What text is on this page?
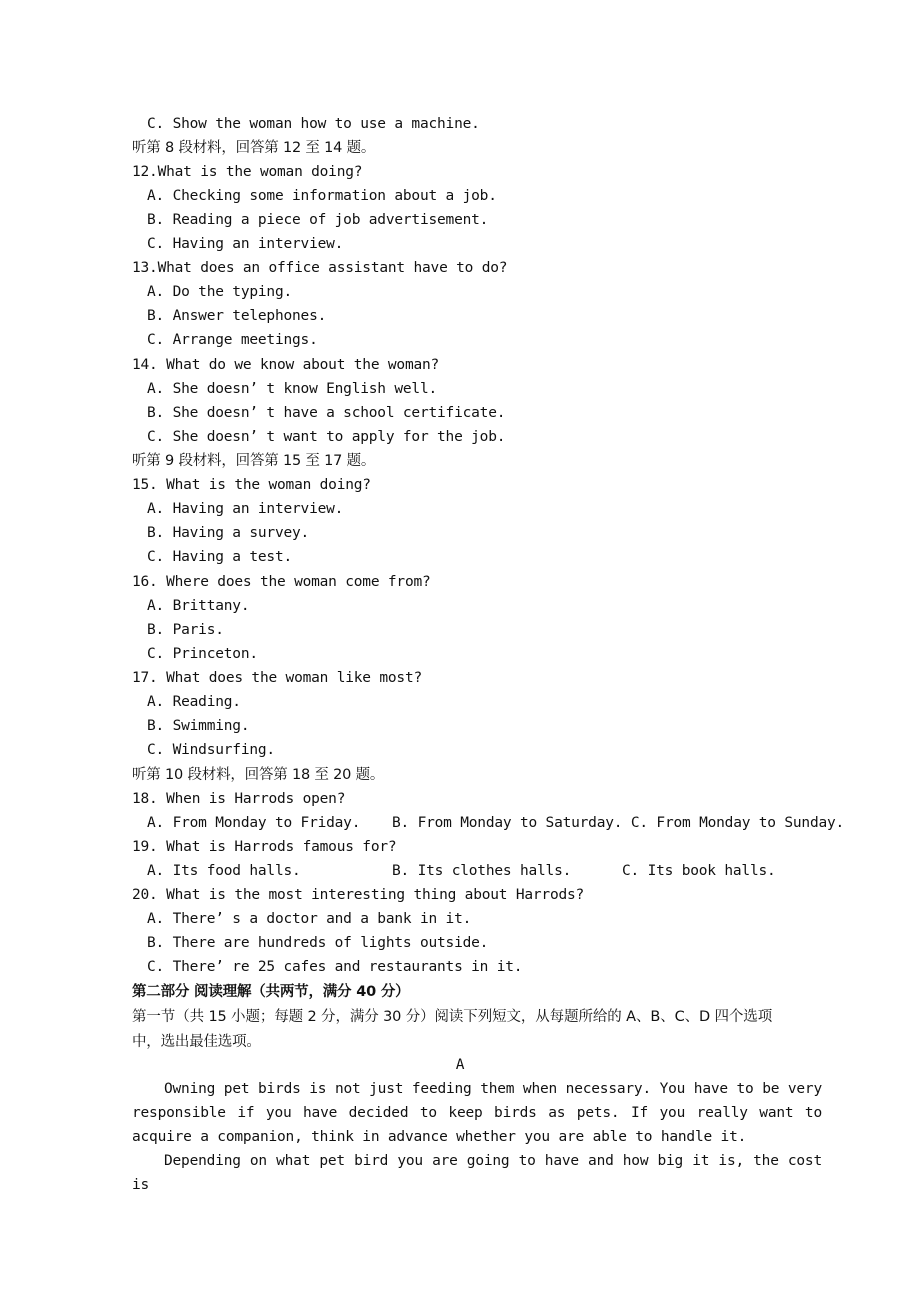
C. Show the woman how to use a machine.
听第 8 段材料，回答第 12 至 14 题。
12.What is the woman doing?
A. Checking some information about a job.
B. Reading a piece of job advertisement.
C. Having an interview.
13.What does an office assistant have to do?
A. Do the typing.
B. Answer telephones.
C. Arrange meetings.
14. What do we know about the woman?
A. She doesn’ t know English well.
B. She doesn’ t have a school certificate.
C. She doesn’ t want to apply for the job.
听第 9 段材料，回答第 15 至 17 题。
15. What is the woman doing?
A. Having an interview.
B. Having a survey.
C. Having a test.
16. Where does the woman come from?
A. Brittany.
B. Paris.
C. Princeton.
17. What does the woman like most?
A. Reading.
B. Swimming.
C. Windsurfing.
听第 10 段材料，回答第 18 至 20 题。
18. When is Harrods open?
A. From Monday to Friday. B. From Monday to Saturday. C. From Monday to Sunday.
19. What is Harrods famous for?
A. Its food halls.	B. Its clothes halls.	C. Its book halls.
20. What is the most interesting thing about Harrods?
A. There’ s a doctor and a bank in it.
B. There are hundreds of lights outside.
C. There’ re 25 cafes and restaurants in it.
第二部分 阅读理解（共两节，满分 40 分）
第一节（共 15 小题；每题 2 分，满分 30 分）阅读下列短文，从每题所给的 A、B、C、D 四个选项中，选出最佳选项。
A
Owning pet birds is not just feeding them when necessary. You have to be very responsible if you have decided to keep birds as pets. If you really want to acquire a companion, think in advance whether you are able to handle it.
Depending on what pet bird you are going to have and how big it is, the cost is
